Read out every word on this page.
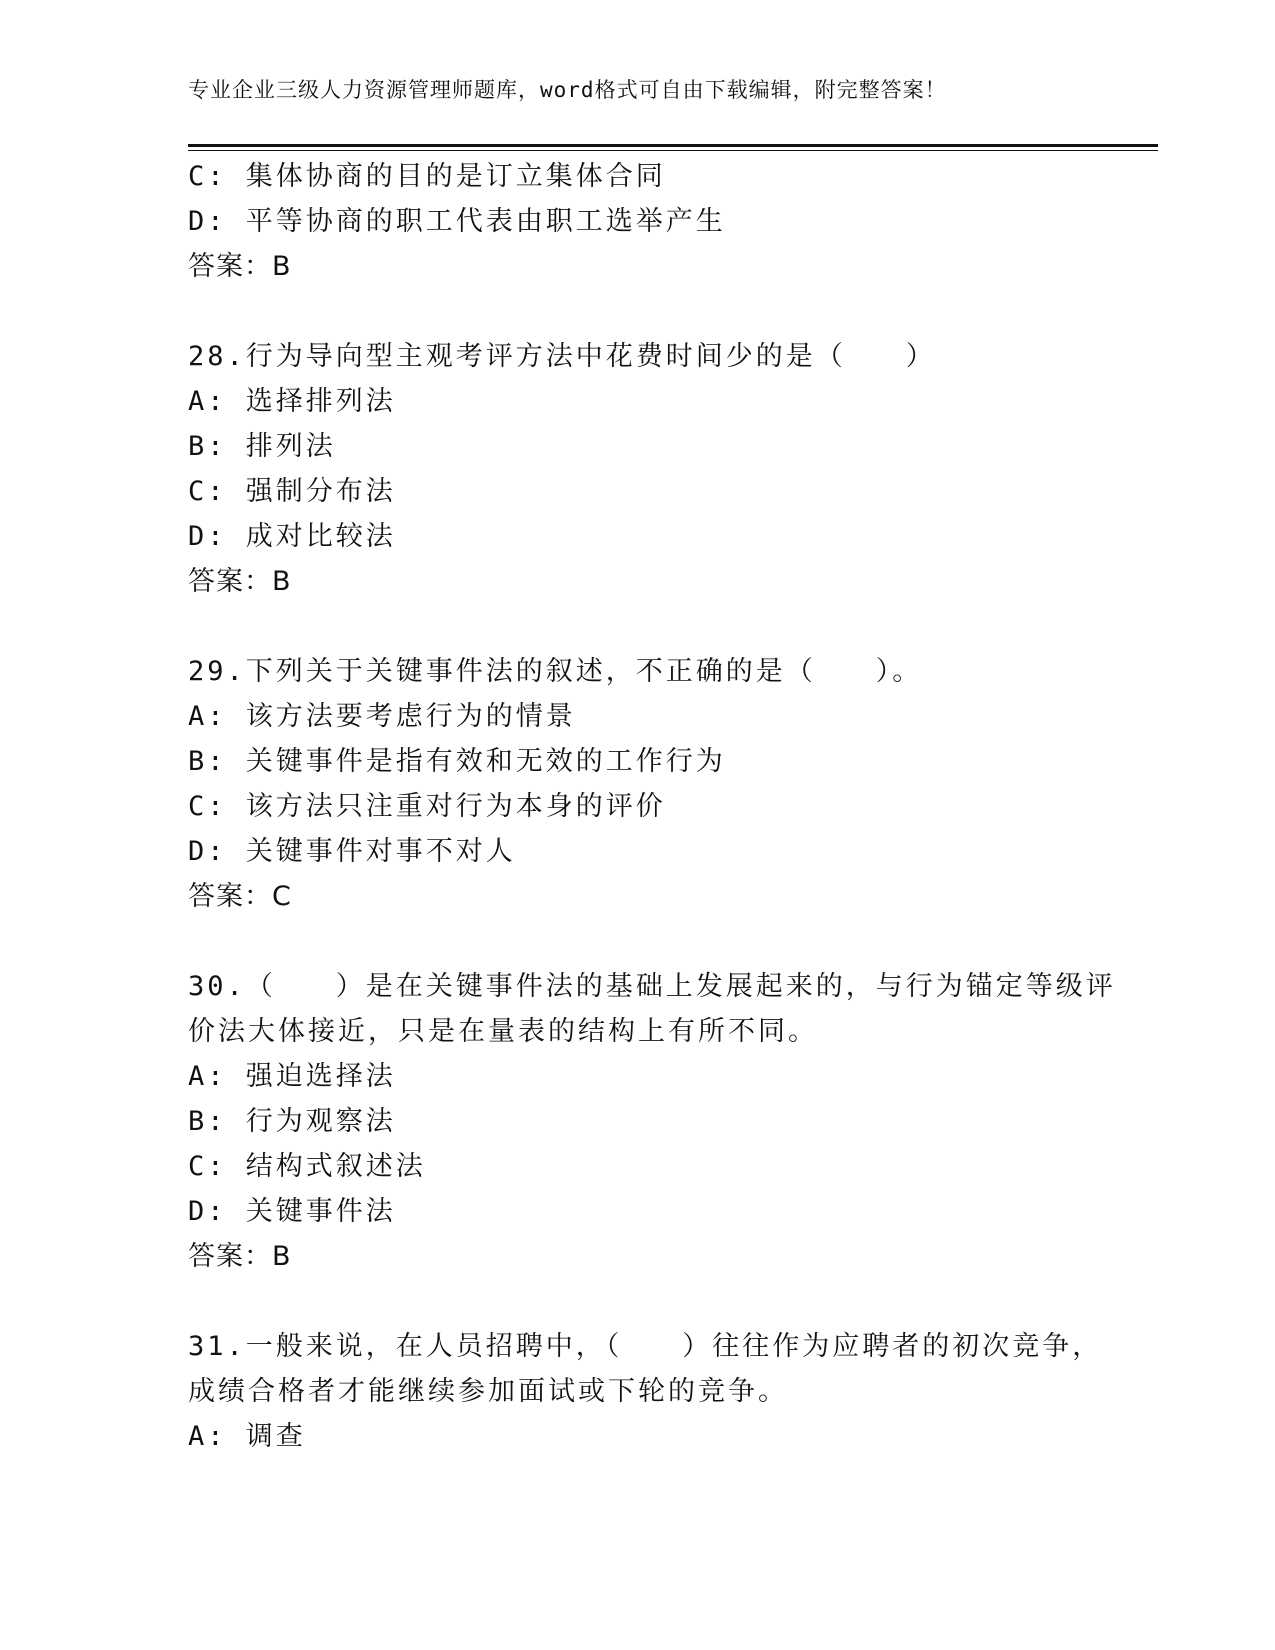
专业企业三级人力资源管理师题库，word格式可自由下载编辑，附完整答案！
C: 集体协商的目的是订立集体合同
D: 平等协商的职工代表由职工选举产生
答案：B
28.行为导向型主观考评方法中花费时间少的是（　　）
A: 选择排列法
B: 排列法
C: 强制分布法
D: 成对比较法
答案：B
29.下列关于关键事件法的叙述，不正确的是（　　）。
A: 该方法要考虑行为的情景
B: 关键事件是指有效和无效的工作行为
C: 该方法只注重对行为本身的评价
D: 关键事件对事不对人
答案：C
30.（　　）是在关键事件法的基础上发展起来的，与行为锚定等级评
价法大体接近，只是在量表的结构上有所不同。
A: 强迫选择法
B: 行为观察法
C: 结构式叙述法
D: 关键事件法
答案：B
31.一般来说，在人员招聘中，（　　）往往作为应聘者的初次竞争，
成绩合格者才能继续参加面试或下轮的竞争。
A: 调查
